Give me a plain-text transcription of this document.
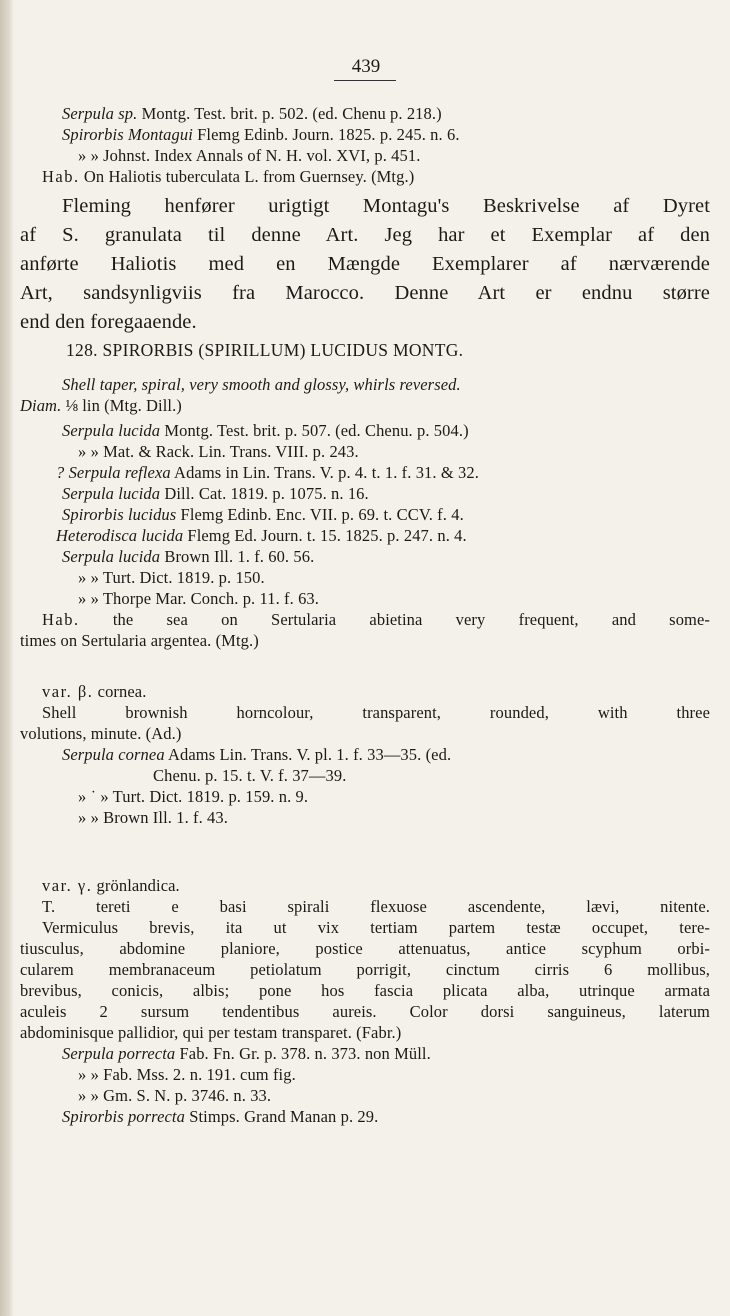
439
Serpula sp. Montg. Test. brit. p. 502. (ed. Chenu p. 218.)
Spirorbis Montagui Flemg Edinb. Journ. 1825. p. 245. n. 6.
» » Johnst. Index Annals of N. H. vol. XVI, p. 451.
Hab. On Haliotis tuberculata L. from Guernsey. (Mtg.)
Fleming henfører urigtigt Montagu's Beskrivelse af Dyret
af S. granulata til denne Art. Jeg har et Exemplar af den
anførte Haliotis med en Mængde Exemplarer af nærværende
Art, sandsynligviis fra Marocco. Denne Art er endnu større
end den foregaaende.
128. SPIRORBIS (SPIRILLUM) LUCIDUS MONTG.
Shell taper, spiral, very smooth and glossy, whirls reversed.
Diam. ⅛ lin (Mtg. Dill.)
Serpula lucida Montg. Test. brit. p. 507. (ed. Chenu. p. 504.)
» » Mat. & Rack. Lin. Trans. VIII. p. 243.
? Serpula reflexa Adams in Lin. Trans. V. p. 4. t. 1. f. 31. & 32.
Serpula lucida Dill. Cat. 1819. p. 1075. n. 16.
Spirorbis lucidus Flemg Edinb. Enc. VII. p. 69. t. CCV. f. 4.
Heterodisca lucida Flemg Ed. Journ. t. 15. 1825. p. 247. n. 4.
Serpula lucida Brown Ill. 1. f. 60. 56.
» » Turt. Dict. 1819. p. 150.
» » Thorpe Mar. Conch. p. 11. f. 63.
Hab. the sea on Sertularia abietina very frequent, and some-
times on Sertularia argentea. (Mtg.)
var. β. cornea.
Shell brownish horncolour, transparent, rounded, with three
volutions, minute. (Ad.)
Serpula cornea Adams Lin. Trans. V. pl. 1. f. 33—35. (ed.
Chenu. p. 15. t. V. f. 37—39.
» ˙ » Turt. Dict. 1819. p. 159. n. 9.
» » Brown Ill. 1. f. 43.
var. γ. grönlandica.
T. tereti e basi spirali flexuose ascendente, lævi, nitente.
Vermiculus brevis, ita ut vix tertiam partem testæ occupet, tere-
tiusculus, abdomine planiore, postice attenuatus, antice scyphum orbi-
cularem membranaceum petiolatum porrigit, cinctum cirris 6 mollibus,
brevibus, conicis, albis; pone hos fascia plicata alba, utrinque armata
aculeis 2 sursum tendentibus aureis. Color dorsi sanguineus, laterum
abdominisque pallidior, qui per testam transparet. (Fabr.)
Serpula porrecta Fab. Fn. Gr. p. 378. n. 373. non Müll.
» » Fab. Mss. 2. n. 191. cum fig.
» » Gm. S. N. p. 3746. n. 33.
Spirorbis porrecta Stimps. Grand Manan p. 29.
